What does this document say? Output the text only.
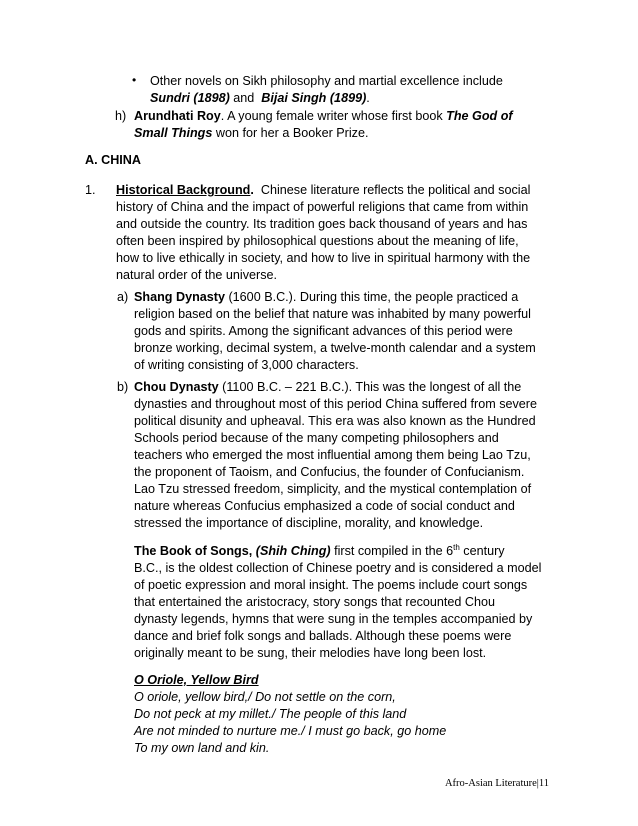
• Other novels on Sikh philosophy and martial excellence include
Sundri (1898) and Bijai Singh (1899).
h) Arundhati Roy. A young female writer whose first book The God of
Small Things won for her a Booker Prize.
A. CHINA
1. Historical Background. Chinese literature reflects the political and social
history of China and the impact of powerful religions that came from within
and outside the country. Its tradition goes back thousand of years and has
often been inspired by philosophical questions about the meaning of life,
how to live ethically in society, and how to live in spiritual harmony with the
natural order of the universe.
a) Shang Dynasty (1600 B.C.). During this time, the people practiced a
religion based on the belief that nature was inhabited by many powerful
gods and spirits. Among the significant advances of this period were
bronze working, decimal system, a twelve-month calendar and a system
of writing consisting of 3,000 characters.
b) Chou Dynasty (1100 B.C. – 221 B.C.). This was the longest of all the
dynasties and throughout most of this period China suffered from severe
political disunity and upheaval. This era was also known as the Hundred
Schools period because of the many competing philosophers and
teachers who emerged the most influential among them being Lao Tzu,
the proponent of Taoism, and Confucius, the founder of Confucianism.
Lao Tzu stressed freedom, simplicity, and the mystical contemplation of
nature whereas Confucius emphasized a code of social conduct and
stressed the importance of discipline, morality, and knowledge.
The Book of Songs, (Shih Ching) first compiled in the 6th century
B.C., is the oldest collection of Chinese poetry and is considered a model
of poetic expression and moral insight. The poems include court songs
that entertained the aristocracy, story songs that recounted Chou
dynasty legends, hymns that were sung in the temples accompanied by
dance and brief folk songs and ballads. Although these poems were
originally meant to be sung, their melodies have long been lost.
O Oriole, Yellow Bird
O oriole, yellow bird,/ Do not settle on the corn,
Do not peck at my millet./ The people of this land
Are not minded to nurture me./ I must go back, go home
To my own land and kin.
Afro-Asian Literature|11
